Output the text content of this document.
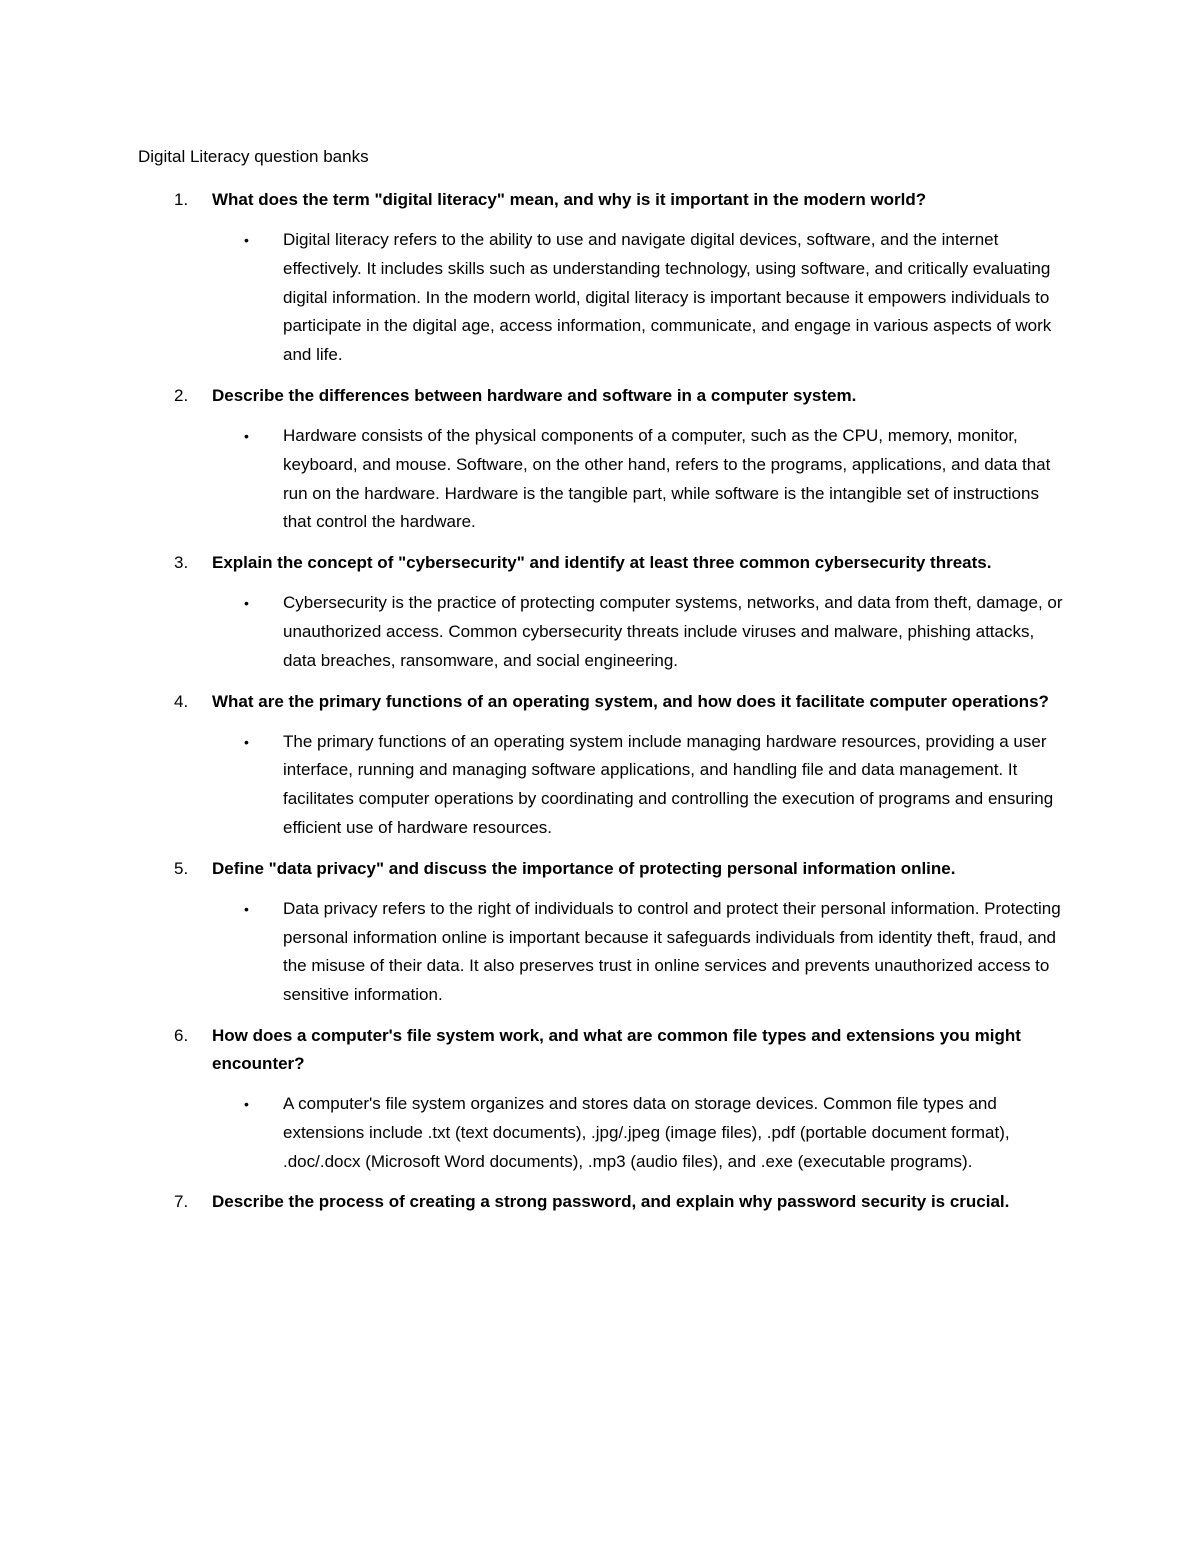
Digital Literacy question banks
1.	What does the term "digital literacy" mean, and why is it important in the modern world?
• Digital literacy refers to the ability to use and navigate digital devices, software, and the internet effectively. It includes skills such as understanding technology, using software, and critically evaluating digital information. In the modern world, digital literacy is important because it empowers individuals to participate in the digital age, access information, communicate, and engage in various aspects of work and life.
2.	Describe the differences between hardware and software in a computer system.
• Hardware consists of the physical components of a computer, such as the CPU, memory, monitor, keyboard, and mouse. Software, on the other hand, refers to the programs, applications, and data that run on the hardware. Hardware is the tangible part, while software is the intangible set of instructions that control the hardware.
3.	Explain the concept of "cybersecurity" and identify at least three common cybersecurity threats.
• Cybersecurity is the practice of protecting computer systems, networks, and data from theft, damage, or unauthorized access. Common cybersecurity threats include viruses and malware, phishing attacks, data breaches, ransomware, and social engineering.
4.	What are the primary functions of an operating system, and how does it facilitate computer operations?
• The primary functions of an operating system include managing hardware resources, providing a user interface, running and managing software applications, and handling file and data management. It facilitates computer operations by coordinating and controlling the execution of programs and ensuring efficient use of hardware resources.
5.	Define "data privacy" and discuss the importance of protecting personal information online.
• Data privacy refers to the right of individuals to control and protect their personal information. Protecting personal information online is important because it safeguards individuals from identity theft, fraud, and the misuse of their data. It also preserves trust in online services and prevents unauthorized access to sensitive information.
6.	How does a computer's file system work, and what are common file types and extensions you might encounter?
• A computer's file system organizes and stores data on storage devices. Common file types and extensions include .txt (text documents), .jpg/.jpeg (image files), .pdf (portable document format), .doc/.docx (Microsoft Word documents), .mp3 (audio files), and .exe (executable programs).
7.	Describe the process of creating a strong password, and explain why password security is crucial.
